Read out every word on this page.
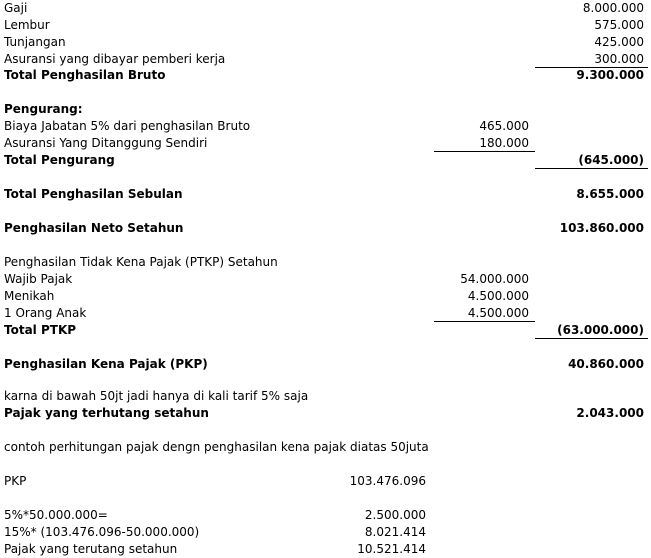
Gaji	8.000.000
Lembur	575.000
Tunjangan	425.000
Asuransi yang dibayar pemberi kerja	300.000
Total Penghasilan Bruto	9.300.000
Pengurang:
Biaya Jabatan 5% dari penghasilan Bruto	465.000
Asuransi Yang Ditanggung Sendiri	180.000
Total Pengurang	(645.000)
Total Penghasilan Sebulan	8.655.000
Penghasilan Neto Setahun	103.860.000
Penghasilan Tidak Kena Pajak (PTKP) Setahun
Wajib Pajak	54.000.000
Menikah	4.500.000
1 Orang Anak	4.500.000
Total PTKP	(63.000.000)
Penghasilan Kena Pajak (PKP)	40.860.000
karna di bawah 50jt jadi hanya di kali tarif 5% saja
Pajak yang terhutang setahun	2.043.000
contoh perhitungan pajak dengn penghasilan kena pajak diatas 50juta
PKP	103.476.096
5%*50.000.000=	2.500.000
15%* (103.476.096-50.000.000)	8.021.414
Pajak yang terutang setahun	10.521.414
